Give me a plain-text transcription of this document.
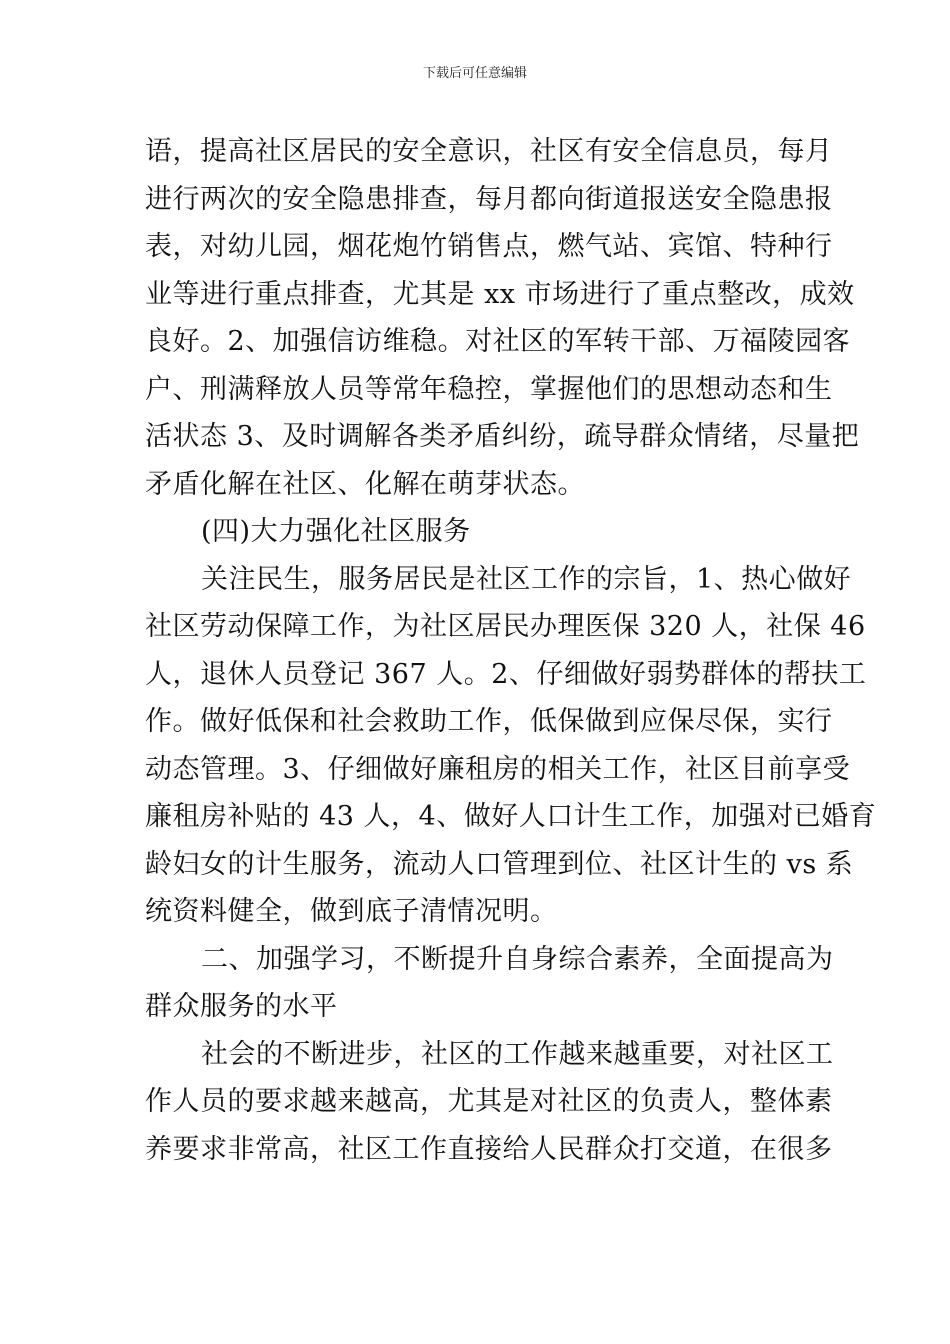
下载后可任意编辑

语，提高社区居民的安全意识，社区有安全信息员，每月
进行两次的安全隐患排查，每月都向街道报送安全隐患报
表，对幼儿园，烟花炮竹销售点，燃气站、宾馆、特种行
业等进行重点排查，尤其是 xx 市场进行了重点整改，成效
良好。2、加强信访维稳。对社区的军转干部、万福陵园客
户、刑满释放人员等常年稳控，掌握他们的思想动态和生
活状态 3、及时调解各类矛盾纠纷，疏导群众情绪，尽量把
矛盾化解在社区、化解在萌芽状态。

(四)大力强化社区服务

关注民生，服务居民是社区工作的宗旨，1、热心做好
社区劳动保障工作，为社区居民办理医保 320 人，社保 46
人，退休人员登记 367 人。2、仔细做好弱势群体的帮扶工
作。做好低保和社会救助工作，低保做到应保尽保，实行
动态管理。3、仔细做好廉租房的相关工作，社区目前享受
廉租房补贴的 43 人，4、做好人口计生工作，加强对已婚育
龄妇女的计生服务，流动人口管理到位、社区计生的 vs 系
统资料健全，做到底子清情况明。

二、加强学习，不断提升自身综合素养，全面提高为
群众服务的水平

社会的不断进步，社区的工作越来越重要，对社区工
作人员的要求越来越高，尤其是对社区的负责人，整体素
养要求非常高，社区工作直接给人民群众打交道，在很多
